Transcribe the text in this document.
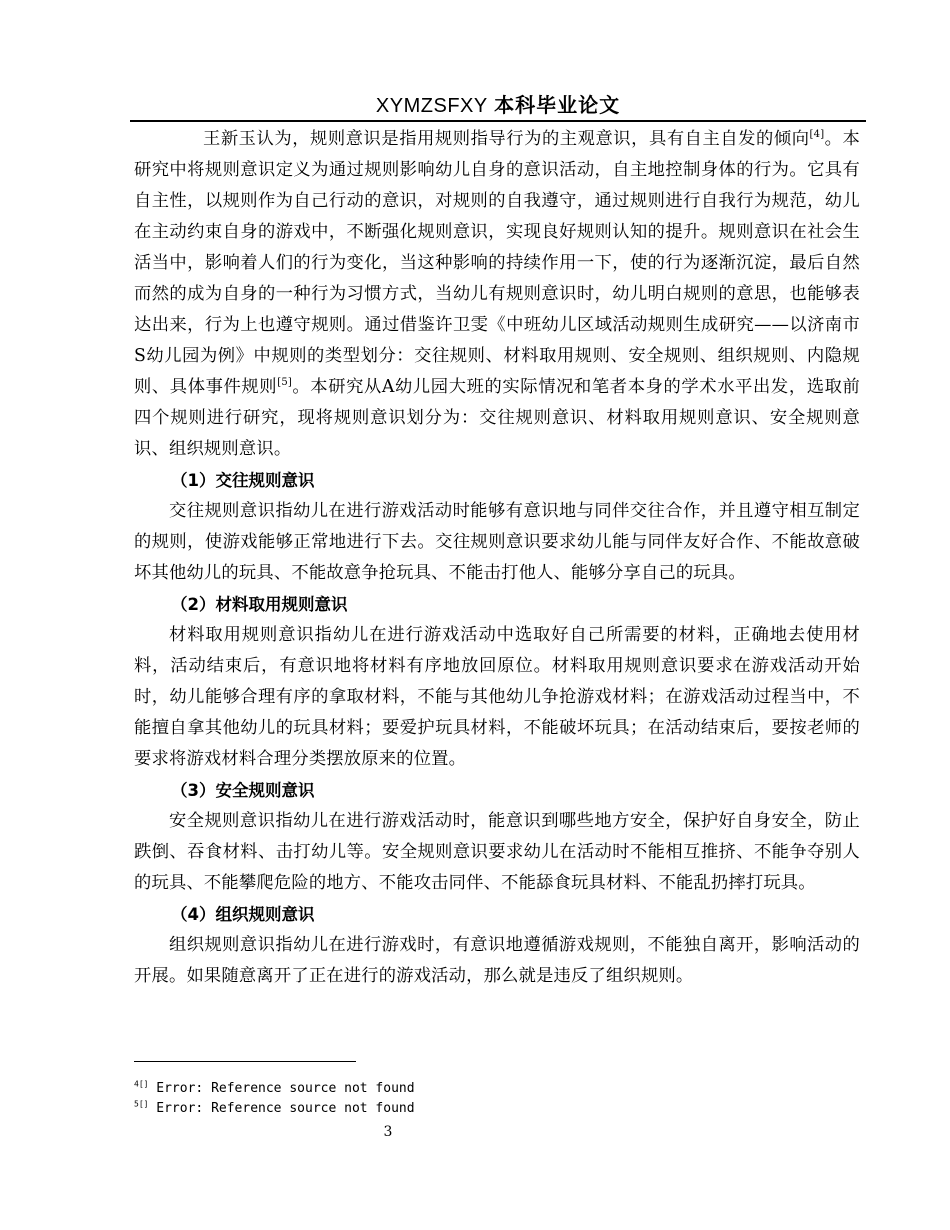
XYMZSFXY 本科毕业论文

王新玉认为，规则意识是指用规则指导行为的主观意识，具有自主自发的倾向[4]。本研究中将规则意识定义为通过规则影响幼儿自身的意识活动，自主地控制身体的行为。它具有自主性，以规则作为自己行动的意识，对规则的自我遵守，通过规则进行自我行为规范，幼儿在主动约束自身的游戏中，不断强化规则意识，实现良好规则认知的提升。规则意识在社会生活当中，影响着人们的行为变化，当这种影响的持续作用一下，使的行为逐渐沉淀，最后自然而然的成为自身的一种行为习惯方式，当幼儿有规则意识时，幼儿明白规则的意思，也能够表达出来，行为上也遵守规则。通过借鉴许卫雯《中班幼儿区域活动规则生成研究——以济南市S幼儿园为例》中规则的类型划分：交往规则、材料取用规则、安全规则、组织规则、内隐规则、具体事件规则[5]。本研究从A幼儿园大班的实际情况和笔者本身的学术水平出发，选取前四个规则进行研究，现将规则意识划分为：交往规则意识、材料取用规则意识、安全规则意识、组织规则意识。

（1）交往规则意识

交往规则意识指幼儿在进行游戏活动时能够有意识地与同伴交往合作，并且遵守相互制定的规则，使游戏能够正常地进行下去。交往规则意识要求幼儿能与同伴友好合作、不能故意破坏其他幼儿的玩具、不能故意争抢玩具、不能击打他人、能够分享自己的玩具。

（2）材料取用规则意识

材料取用规则意识指幼儿在进行游戏活动中选取好自己所需要的材料，正确地去使用材料，活动结束后，有意识地将材料有序地放回原位。材料取用规则意识要求在游戏活动开始时，幼儿能够合理有序的拿取材料，不能与其他幼儿争抢游戏材料；在游戏活动过程当中，不能擅自拿其他幼儿的玩具材料；要爱护玩具材料，不能破坏玩具；在活动结束后，要按老师的要求将游戏材料合理分类摆放原来的位置。

（3）安全规则意识

安全规则意识指幼儿在进行游戏活动时，能意识到哪些地方安全，保护好自身安全，防止跌倒、吞食材料、击打幼儿等。安全规则意识要求幼儿在活动时不能相互推挤、不能争夺别人的玩具、不能攀爬危险的地方、不能攻击同伴、不能舔食玩具材料、不能乱扔摔打玩具。

（4）组织规则意识

组织规则意识指幼儿在进行游戏时，有意识地遵循游戏规则，不能独自离开，影响活动的开展。如果随意离开了正在进行的游戏活动，那么就是违反了组织规则。

$^{4[]}$ Error: Reference source not found
$^{5[]}$ Error: Reference source not found
3
